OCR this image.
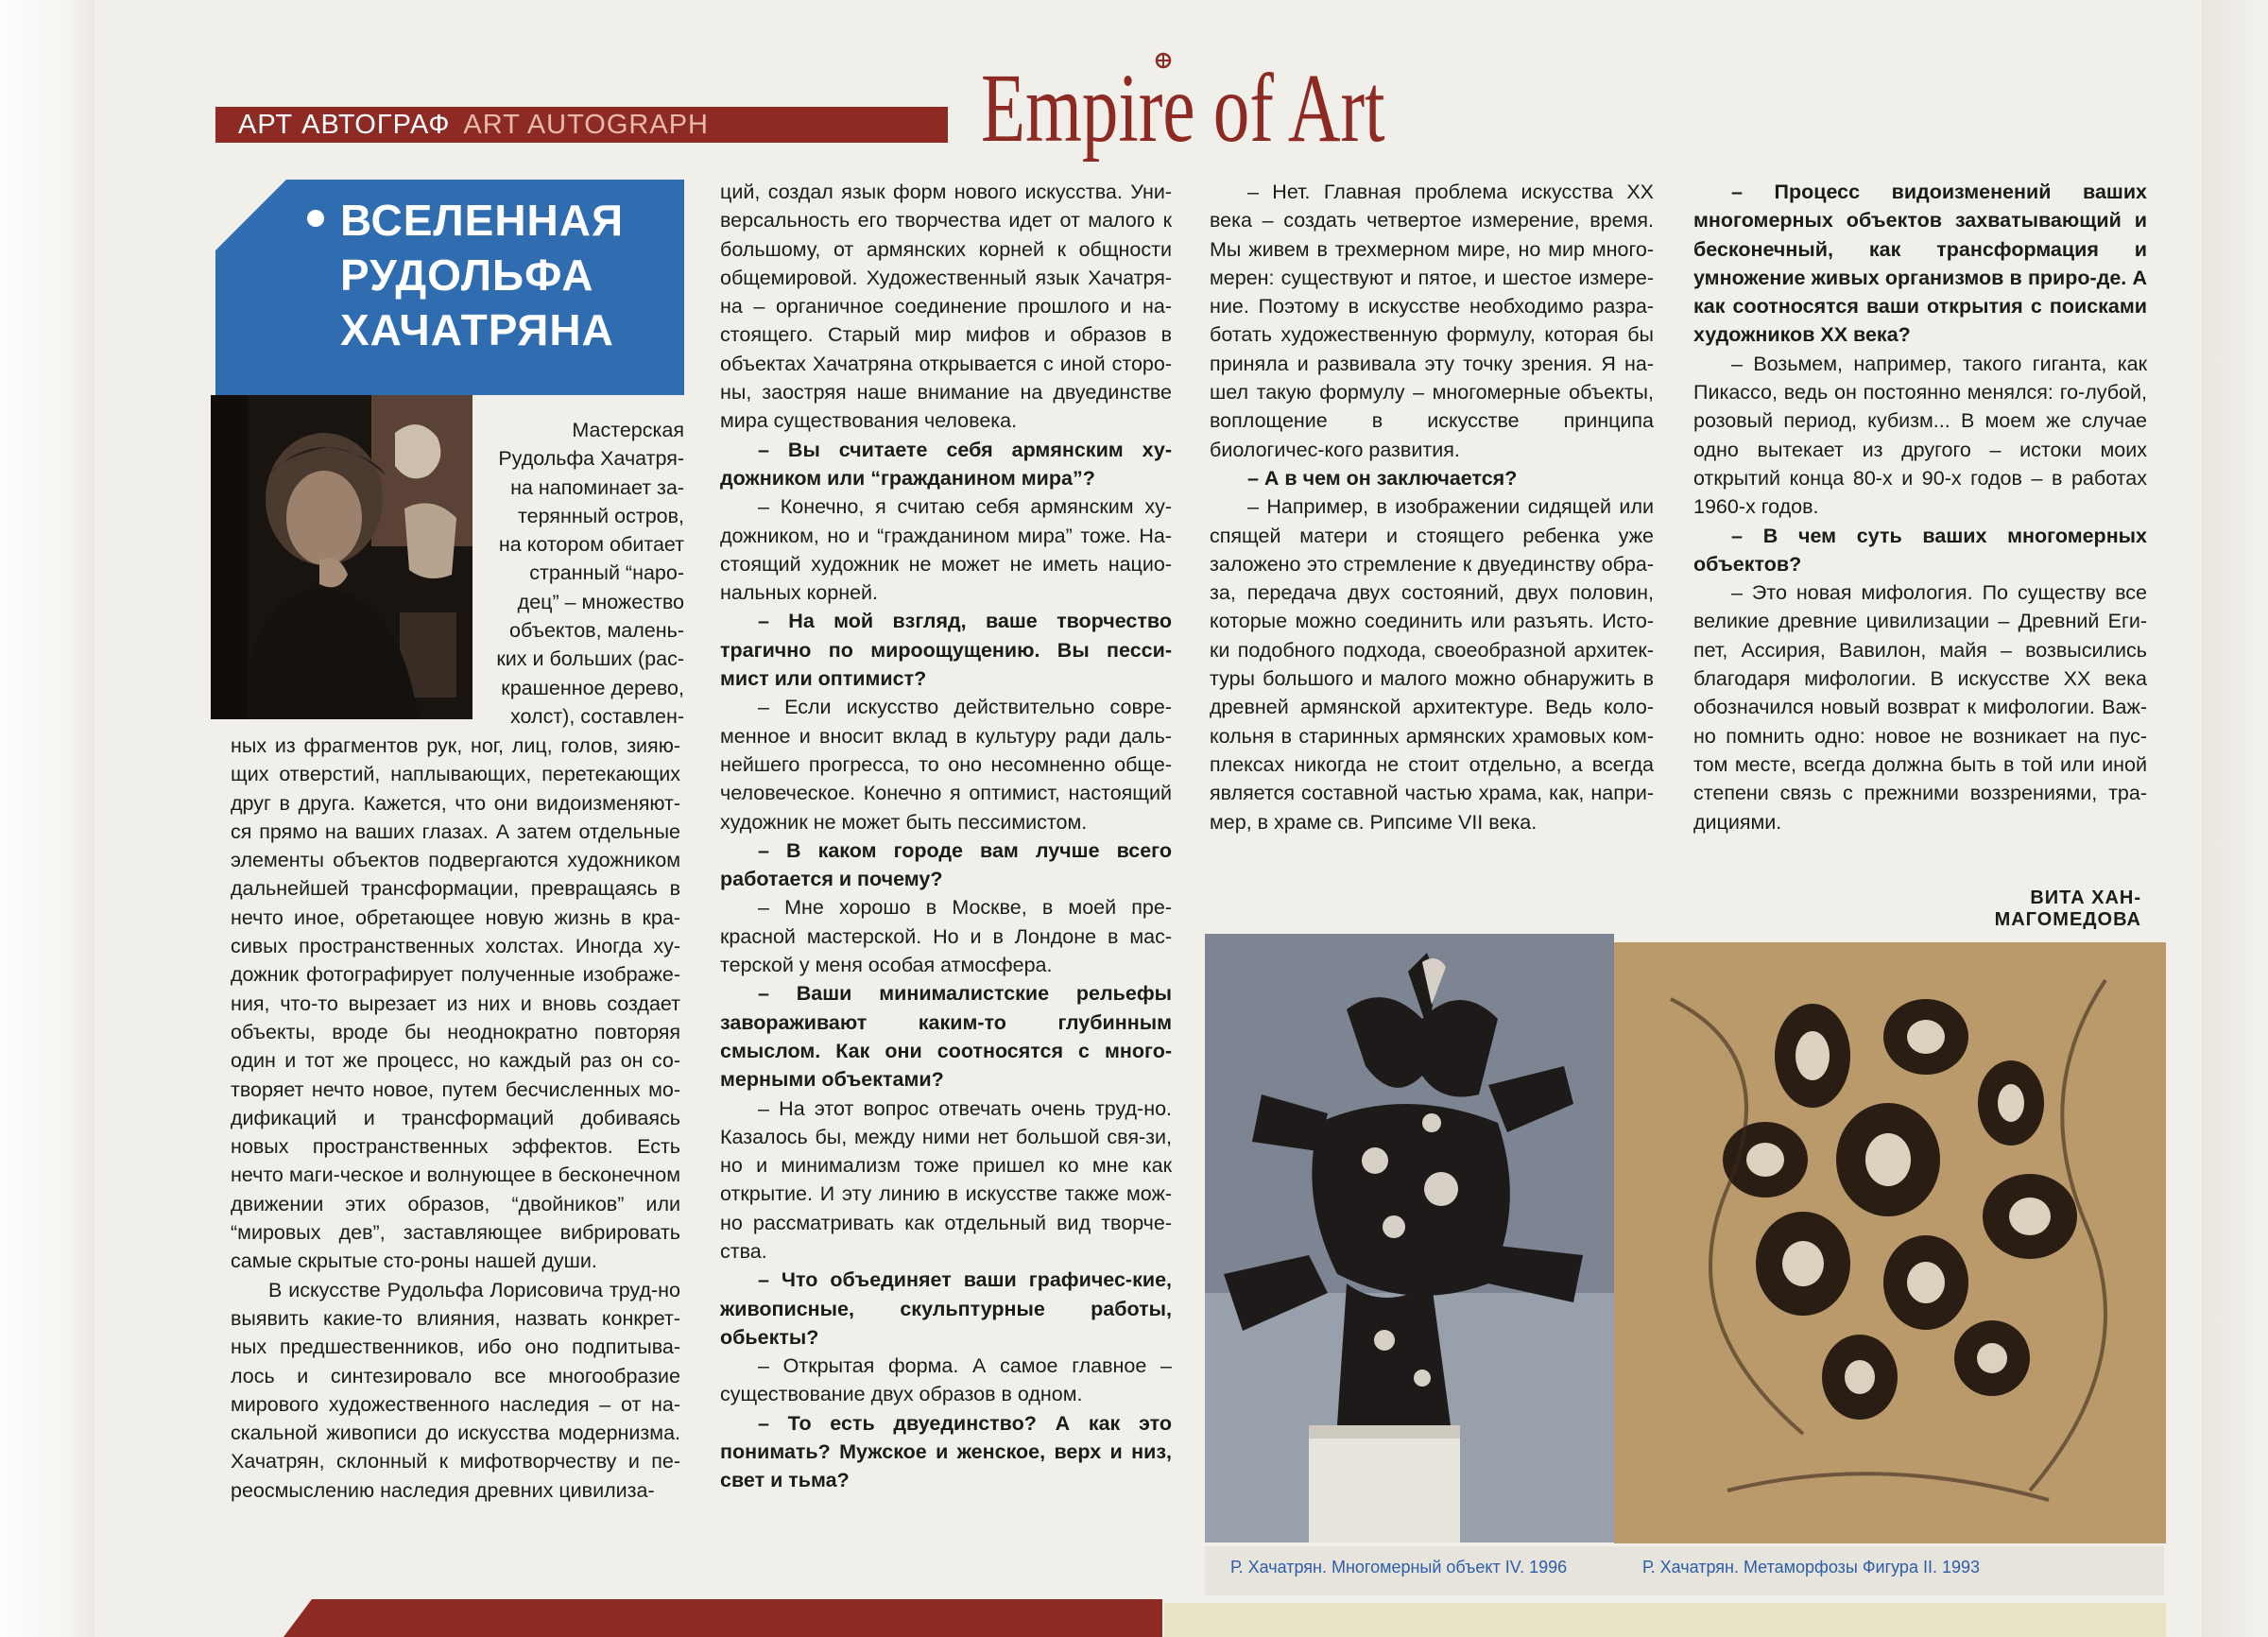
АРТ АВТОГРАФ ART AUTOGRAPH	Empire of Art
ВСЕЛЕННАЯ
РУДОЛЬФА
ХАЧАТРЯНА

Мастерская

Рудольфа Хачатря-

на напоминает за-

терянный остров,

на котором обитает

странный “наро-

дец” – множество

объектов, малень-

ких и больших (рас-

крашенное дерево,

холст), составлен-

ных из фрагментов рук, ног, лиц, голов, зияю-щих отверстий, наплывающих, перетекающих друг в друга. Кажется, что они видоизменяют-ся прямо на ваших глазах. А затем отдельные элементы объектов подвергаются художником дальнейшей трансформации, превращаясь в нечто иное, обретающее новую жизнь в кра-сивых пространственных холстах. Иногда ху-дожник фотографирует полученные изображе-ния, что-то вырезает из них и вновь создает объекты, вроде бы неоднократно повторяя один и тот же процесс, но каждый раз он со-творяет нечто новое, путем бесчисленных мо-дификаций и трансформаций добиваясь новых пространственных эффектов. Есть нечто маги-ческое и волнующее в бесконечном движении этих образов, “двойников” или “мировых дев”, заставляющее вибрировать самые скрытые сто-роны нашей души.

В искусстве Рудольфа Лорисовича труд-но выявить какие-то влияния, назвать конкрет-ных предшественников, ибо оно подпитыва-лось и синтезировало все многообразие мирового художественного наследия – от на-скальной живописи до искусства модернизма. Хачатрян, склонный к мифотворчеству и пе-реосмыслению наследия древних цивилиза-

ций, создал язык форм нового искусства. Уни-версальность его творчества идет от малого к большому, от армянских корней к общности общемировой. Художественный язык Хачатря-на – органичное соединение прошлого и на-стоящего. Старый мир мифов и образов в объектах Хачатряна открывается с иной сторо-ны, заостряя наше внимание на двуединстве мира существования человека.

– Вы считаете себя армянским ху-дожником или “гражданином мира”?

– Конечно, я считаю себя армянским ху-дожником, но и “гражданином мира” тоже. На-стоящий художник не может не иметь нацио-нальных корней.

– На мой взгляд, ваше творчество трагично по мироощущению. Вы песси-мист или оптимист?

– Если искусство действительно совре-менное и вносит вклад в культуру ради даль-нейшего прогресса, то оно несомненно обще-человеческое. Конечно я оптимист, настоящий художник не может быть пессимистом.

– В каком городе вам лучше всего работается и почему?

– Мне хорошо в Москве, в моей пре-красной мастерской. Но и в Лондоне в мас-терской у меня особая атмосфера.

– Ваши минималистские рельефы завораживают каким-то глубинным смыслом. Как они соотносятся с много-мерными объектами?

– На этот вопрос отвечать очень труд-но. Казалось бы, между ними нет большой свя-зи, но и минимализм тоже пришел ко мне как открытие. И эту линию в искусстве также мож-но рассматривать как отдельный вид творче-ства.

– Что объединяет ваши графичес-кие, живописные, скульптурные работы, обьекты?

– Открытая форма. А самое главное – существование двух образов в одном.

– То есть двуединство? А как это понимать? Мужское и женское, верх и низ, свет и тьма?

– Нет. Главная проблема искусства XX века – создать четвертое измерение, время. Мы живем в трехмерном мире, но мир много-мерен: существуют и пятое, и шестое измере-ние. Поэтому в искусстве необходимо разра-ботать художественную формулу, которая бы приняла и развивала эту точку зрения. Я на-шел такую формулу – многомерные объекты, воплощение в искусстве принципа биологичес-кого развития.

– А в чем он заключается?

– Например, в изображении сидящей или спящей матери и стоящего ребенка уже заложено это стремление к двуединству обра-за, передача двух состояний, двух половин, которые можно соединить или разъять. Исто-ки подобного подхода, своеобразной архитек-туры большого и малого можно обнаружить в древней армянской архитектуре. Ведь коло-кольня в старинных армянских храмовых ком-плексах никогда не стоит отдельно, а всегда является составной частью храма, как, напри-мер, в храме св. Рипсиме VII века.

– Процесс видоизменений ваших многомерных объектов захватывающий и бесконечный, как трансформация и умножение живых организмов в приро-де. А как соотносятся ваши открытия с поисками художников XX века?

– Возьмем, например, такого гиганта, как Пикассо, ведь он постоянно менялся: го-лубой, розовый период, кубизм... В моем же случае одно вытекает из другого – истоки моих открытий конца 80-х и 90-х годов – в работах 1960-х годов.

– В чем суть ваших многомерных объектов?

– Это новая мифология. По существу все великие древние цивилизации – Древний Еги-пет, Ассирия, Вавилон, майя – возвысились благодаря мифологии. В искусстве XX века обозначился новый возврат к мифологии. Важ-но помнить одно: новое не возникает на пус-том месте, всегда должна быть в той или иной степени связь с прежними воззрениями, тра-дициями.

ВИТА ХАН-МАГОМЕДОВА
Р. Хачатрян. Многомерный объект IV. 1996	Р. Хачатрян. Метаморфозы Фигура II. 1993
